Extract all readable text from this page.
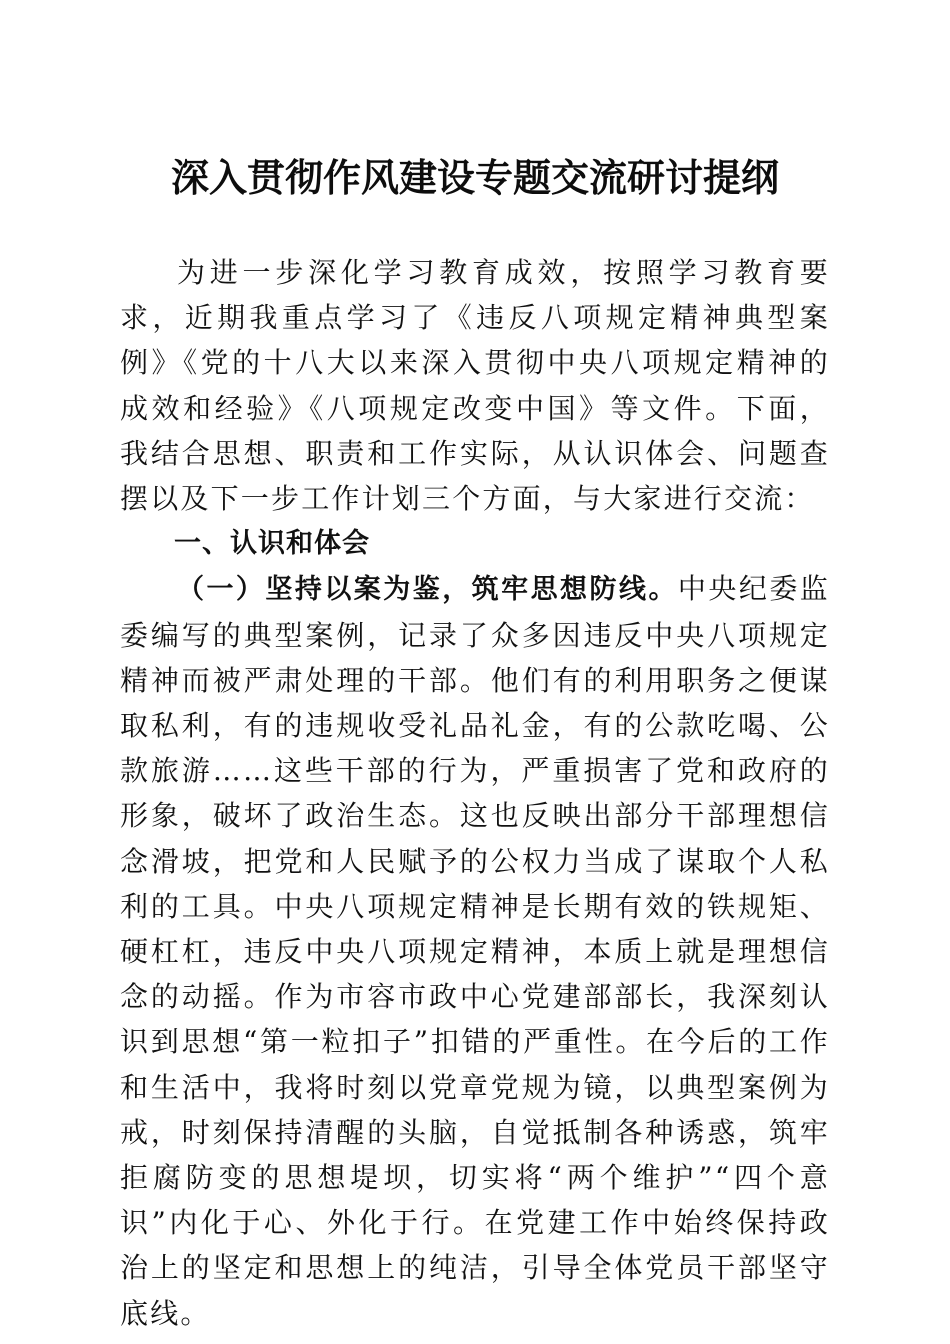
深入贯彻作风建设专题交流研讨提纲

为进一步深化学习教育成效，按照学习教育要求，近期我重点学习了《违反八项规定精神典型案例》《党的十八大以来深入贯彻中央八项规定精神的成效和经验》《八项规定改变中国》等文件。下面，我结合思想、职责和工作实际，从认识体会、问题查摆以及下一步工作计划三个方面，与大家进行交流：

一、认识和体会

（一）坚持以案为鉴，筑牢思想防线。中央纪委监委编写的典型案例，记录了众多因违反中央八项规定精神而被严肃处理的干部。他们有的利用职务之便谋取私利，有的违规收受礼品礼金，有的公款吃喝、公款旅游……这些干部的行为，严重损害了党和政府的形象，破坏了政治生态。这也反映出部分干部理想信念滑坡，把党和人民赋予的公权力当成了谋取个人私利的工具。中央八项规定精神是长期有效的铁规矩、硬杠杠，违反中央八项规定精神，本质上就是理想信念的动摇。作为市容市政中心党建部部长，我深刻认识到思想“第一粒扣子”扣错的严重性。在今后的工作和生活中，我将时刻以党章党规为镜，以典型案例为戒，时刻保持清醒的头脑，自觉抵制各种诱惑，筑牢拒腐防变的思想堤坝，切实将“两个维护”“四个意识”内化于心、外化于行。在党建工作中始终保持政治上的坚定和思想上的纯洁，引导全体党员干部坚守底线。
